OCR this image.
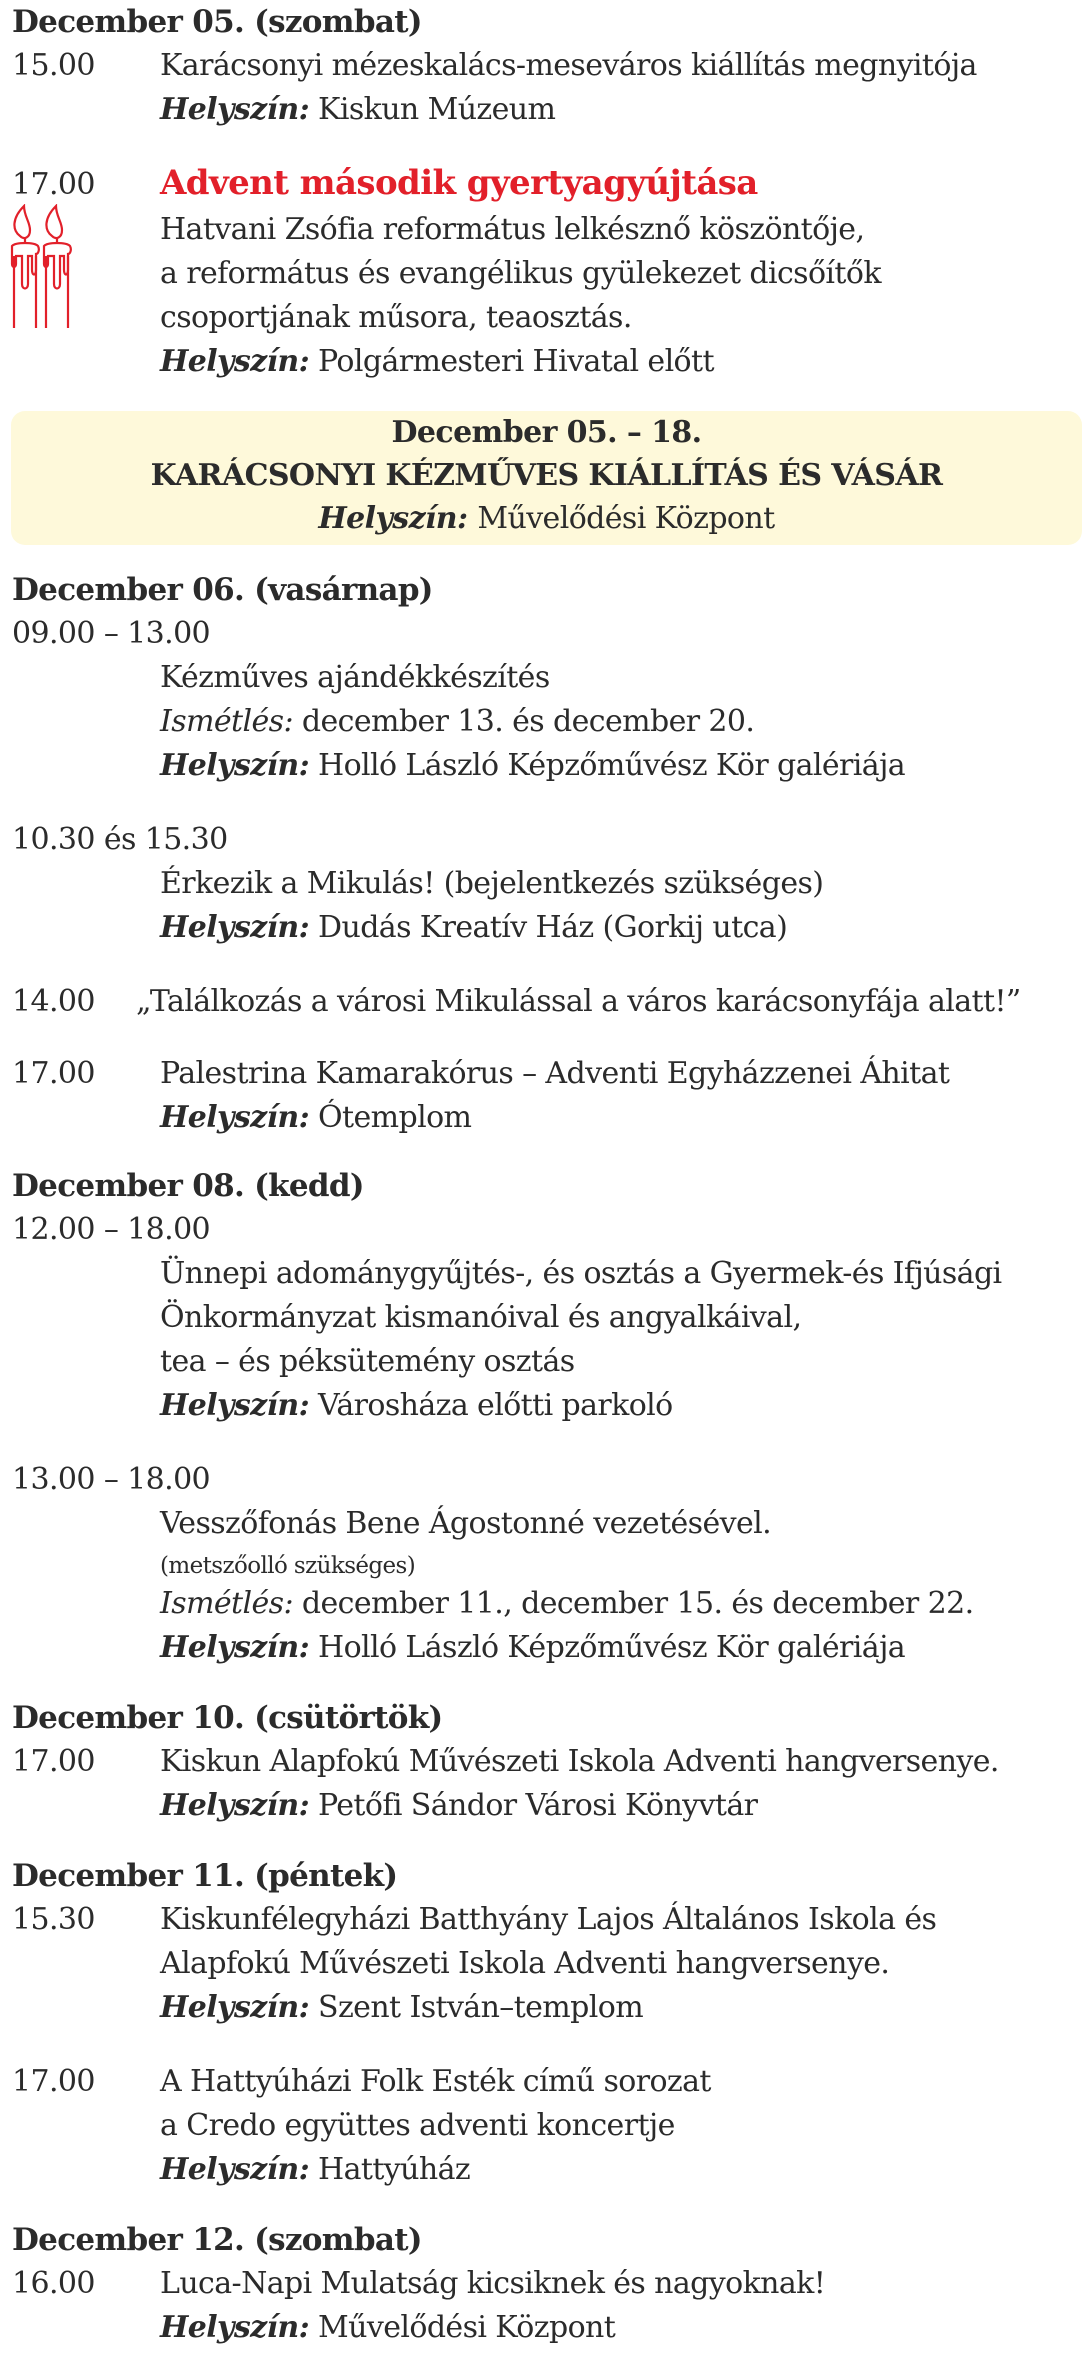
December 05. (szombat)
15.00 Karácsonyi mézeskalács-meseváros kiállítás megnyitója
Helyszín: Kiskun Múzeum
17.00 Advent második gyertyagyújtása
Hatvani Zsófia református lelkésznő köszöntője,
a református és evangélikus gyülekezet dicsőítők
csoportjának műsora, teaosztás.
Helyszín: Polgármesteri Hivatal előtt
December 05. – 18.
KARÁCSONYI KÉZMŰVES KIÁLLÍTÁS ÉS VÁSÁR
Helyszín: Művelődési Központ
December 06. (vasárnap)
09.00 – 13.00
Kézműves ajándékkészítés
Ismétlés: december 13. és december 20.
Helyszín: Holló László Képzőművész Kör galériája
10.30 és 15.30
Érkezik a Mikulás! (bejelentkezés szükséges)
Helyszín: Dudás Kreatív Ház (Gorkij utca)
14.00 „Találkozás a városi Mikulással a város karácsonyfája alatt!”
17.00 Palestrina Kamarakórus – Adventi Egyházzenei Áhitat
Helyszín: Ótemplom
December 08. (kedd)
12.00 – 18.00
Ünnepi adománygyűjtés-, és osztás a Gyermek-és Ifjúsági
Önkormányzat kismanóival és angyalkáival,
tea – és péksütemény osztás
Helyszín: Városháza előtti parkoló
13.00 – 18.00
Vesszőfonás Bene Ágostonné vezetésével.
(metszőolló szükséges)
Ismétlés: december 11., december 15. és december 22.
Helyszín: Holló László Képzőművész Kör galériája
December 10. (csütörtök)
17.00 Kiskun Alapfokú Művészeti Iskola Adventi hangversenye.
Helyszín: Petőfi Sándor Városi Könyvtár
December 11. (péntek)
15.30 Kiskunfélegyházi Batthyány Lajos Általános Iskola és
Alapfokú Művészeti Iskola Adventi hangversenye.
Helyszín: Szent István–templom
17.00 A Hattyúházi Folk Esték című sorozat
a Credo együttes adventi koncertje
Helyszín: Hattyúház
December 12. (szombat)
16.00 Luca-Napi Mulatság kicsiknek és nagyoknak!
Helyszín: Művelődési Központ
